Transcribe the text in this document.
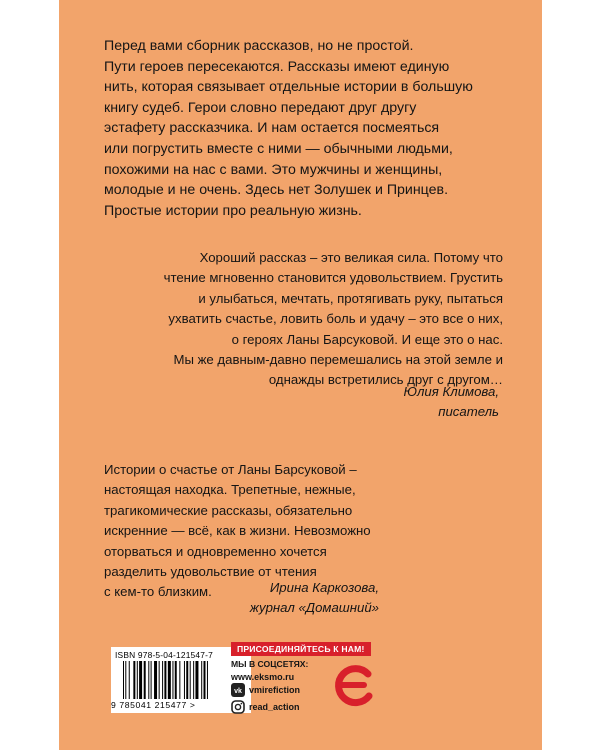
Перед вами сборник рассказов, но не простой.

Пути героев пересекаются. Рассказы имеют единую

нить, которая связывает отдельные истории в большую

книгу судеб. Герои словно передают друг другу

эстафету рассказчика. И нам остается посмеяться

или погрустить вместе с ними — обычными людьми,

похожими на нас с вами. Это мужчины и женщины,

молодые и не очень. Здесь нет Золушек и Принцев.

Простые истории про реальную жизнь.

Хороший рассказ – это великая сила. Потому что

чтение мгновенно становится удовольствием. Грустить

и улыбаться, мечтать, протягивать руку, пытаться

ухватить счастье, ловить боль и удачу – это все о них,

о героях Ланы Барсуковой. И еще это о нас.

Мы же давным-давно перемешались на этой земле и

однажды встретились друг с другом…

Юлия Климова,
писатель
Истории о счастье от Ланы Барсуковой –
настоящая находка. Трепетные, нежные,
трагикомические рассказы, обязательно
искренние — всё, как в жизни. Невозможно
оторваться и одновременно хочется
разделить удовольствие от чтения
с кем-то близким.	Ирина Каркозова,
журнал «Домашний»
ISBN 978-5-04-121547-7
9 785041 215477 >
ПРИСОЕДИНЯЙТЕСЬ К НАМ!
МЫ В СОЦСЕТЯХ:
www.eksmo.ru
vk vmirefiction
read_action
